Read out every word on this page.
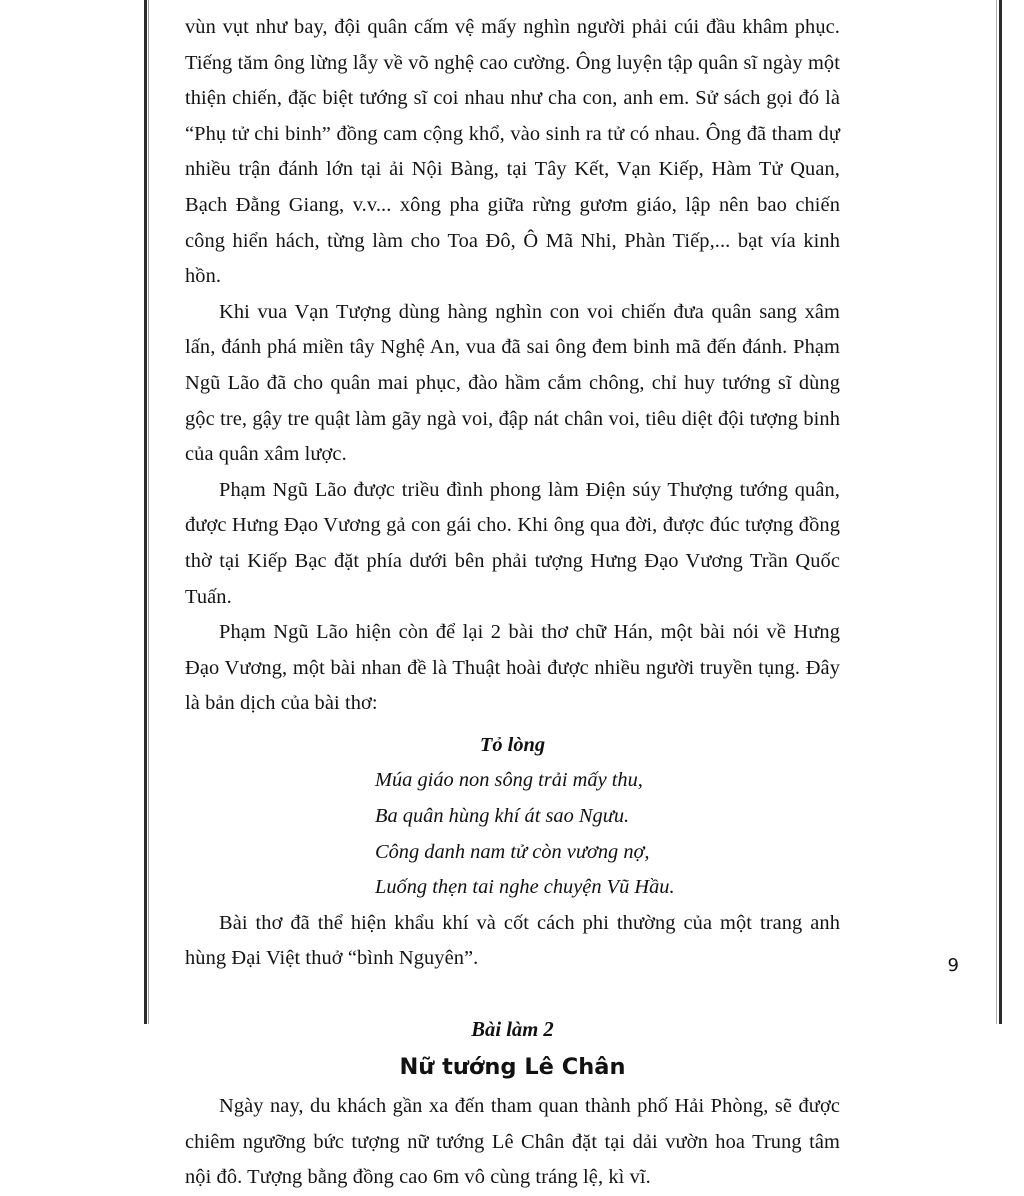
vùn vụt như bay, đội quân cấm vệ mấy nghìn người phải cúi đầu khâm phục. Tiếng tăm ông lừng lẫy về võ nghệ cao cường. Ông luyện tập quân sĩ ngày một thiện chiến, đặc biệt tướng sĩ coi nhau như cha con, anh em. Sử sách gọi đó là “Phụ tử chi binh” đồng cam cộng khổ, vào sinh ra tử có nhau. Ông đã tham dự nhiều trận đánh lớn tại ải Nội Bàng, tại Tây Kết, Vạn Kiếp, Hàm Tử Quan, Bạch Đằng Giang, v.v... xông pha giữa rừng gươm giáo, lập nên bao chiến công hiển hách, từng làm cho Toa Đô, Ô Mã Nhi, Phàn Tiếp,... bạt vía kinh hồn.

Khi vua Vạn Tượng dùng hàng nghìn con voi chiến đưa quân sang xâm lấn, đánh phá miền tây Nghệ An, vua đã sai ông đem binh mã đến đánh. Phạm Ngũ Lão đã cho quân mai phục, đào hầm cắm chông, chỉ huy tướng sĩ dùng gộc tre, gậy tre quật làm gãy ngà voi, đập nát chân voi, tiêu diệt đội tượng binh của quân xâm lược.

Phạm Ngũ Lão được triều đình phong làm Điện súy Thượng tướng quân, được Hưng Đạo Vương gả con gái cho. Khi ông qua đời, được đúc tượng đồng thờ tại Kiếp Bạc đặt phía dưới bên phải tượng Hưng Đạo Vương Trần Quốc Tuấn.

Phạm Ngũ Lão hiện còn để lại 2 bài thơ chữ Hán, một bài nói về Hưng Đạo Vương, một bài nhan đề là Thuật hoài được nhiều người truyền tụng. Đây là bản dịch của bài thơ:

Tỏ lòng
Múa giáo non sông trải mấy thu,
Ba quân hùng khí át sao Ngưu.
Công danh nam tử còn vương nợ,
Luống thẹn tai nghe chuyện Vũ Hầu.

Bài thơ đã thể hiện khẩu khí và cốt cách phi thường của một trang anh hùng Đại Việt thuở “bình Nguyên”.

Bài làm 2
Nữ tướng Lê Chân

Ngày nay, du khách gần xa đến tham quan thành phố Hải Phòng, sẽ được chiêm ngưỡng bức tượng nữ tướng Lê Chân đặt tại dải vườn hoa Trung tâm nội đô. Tượng bằng đồng cao 6m vô cùng tráng lệ, kì vĩ.

9
